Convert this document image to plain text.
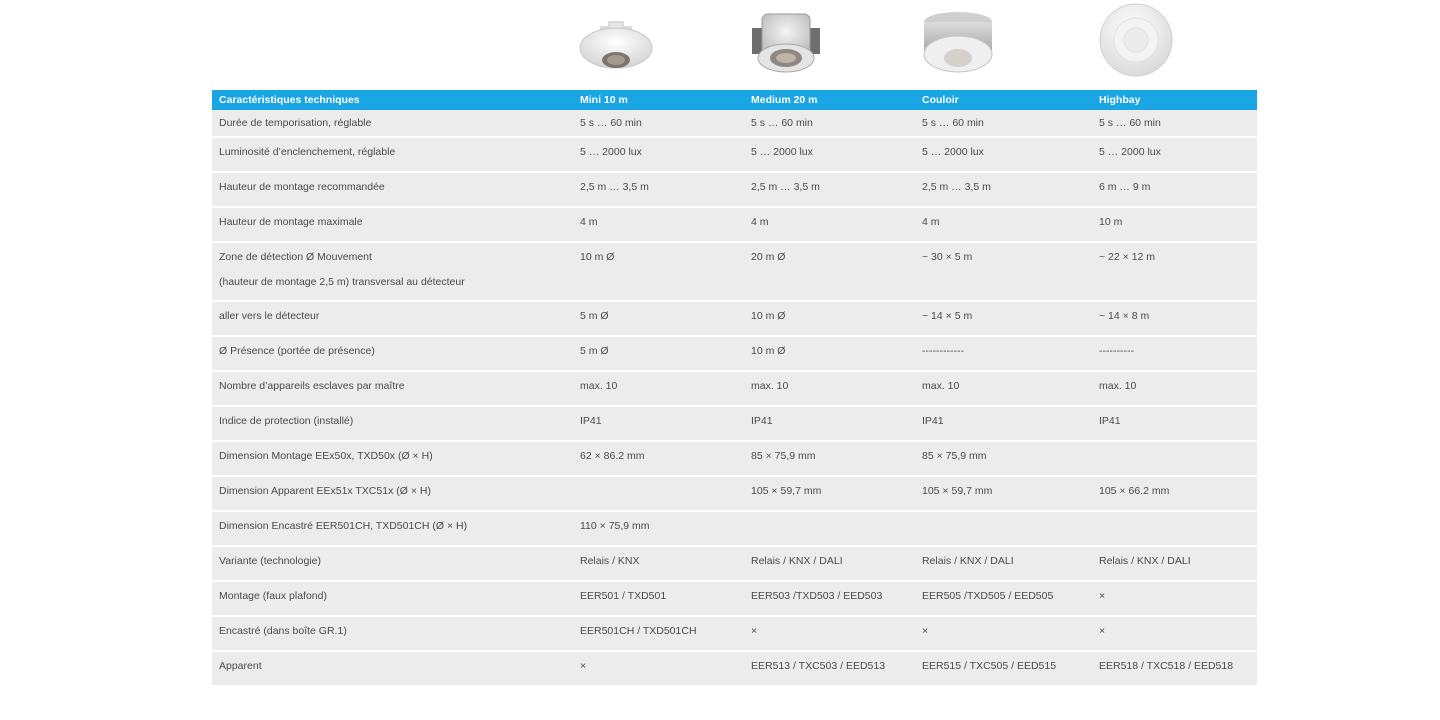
Caractéristiques techniques	Mini 10 m	Medium 20 m	Couloir	Highbay
Durée de temporisation, réglable	5 s … 60 min	5 s … 60 min	5 s … 60 min	5 s … 60 min
Luminosité d’enclenchement, réglable	5 … 2000 lux	5 … 2000 lux	5 … 2000 lux	5 … 2000 lux
Hauteur de montage recommandée	2,5 m … 3,5 m	2,5 m … 3,5 m	2,5 m … 3,5 m	6 m … 9 m
Hauteur de montage maximale	4 m	4 m	4 m	10 m
Zone de détection Ø Mouvement
(hauteur de montage 2,5 m) transversal au détecteur	10 m Ø	20 m Ø	~ 30 × 5 m	~ 22 × 12 m
aller vers le détecteur	5 m Ø	10 m Ø	~ 14 × 5 m	~ 14 × 8 m
Ø Présence (portée de présence)	5 m Ø	10 m Ø	------------	----------
Nombre d’appareils esclaves par maître	max. 10	max. 10	max. 10	max. 10
Indice de protection (installé)	IP41	IP41	IP41	IP41
Dimension Montage EEx50x, TXD50x (Ø × H)	62 × 86.2 mm	85 × 75,9 mm	85 × 75,9 mm	
Dimension Apparent EEx51x TXC51x (Ø × H)		105 × 59,7 mm	105 × 59,7 mm	105 × 66.2 mm
Dimension Encastré EER501CH, TXD501CH (Ø × H)	110 × 75,9 mm			
Variante (technologie)	Relais / KNX	Relais / KNX / DALI	Relais / KNX / DALI	Relais / KNX / DALI
Montage (faux plafond)	EER501 / TXD501	EER503 /TXD503 / EED503	EER505 /TXD505 / EED505	×
Encastré (dans boîte GR.1)	EER501CH / TXD501CH	×	×	×
Apparent	×	EER513 / TXC503 / EED513	EER515 / TXC505 / EED515	EER518 / TXC518 / EED518
